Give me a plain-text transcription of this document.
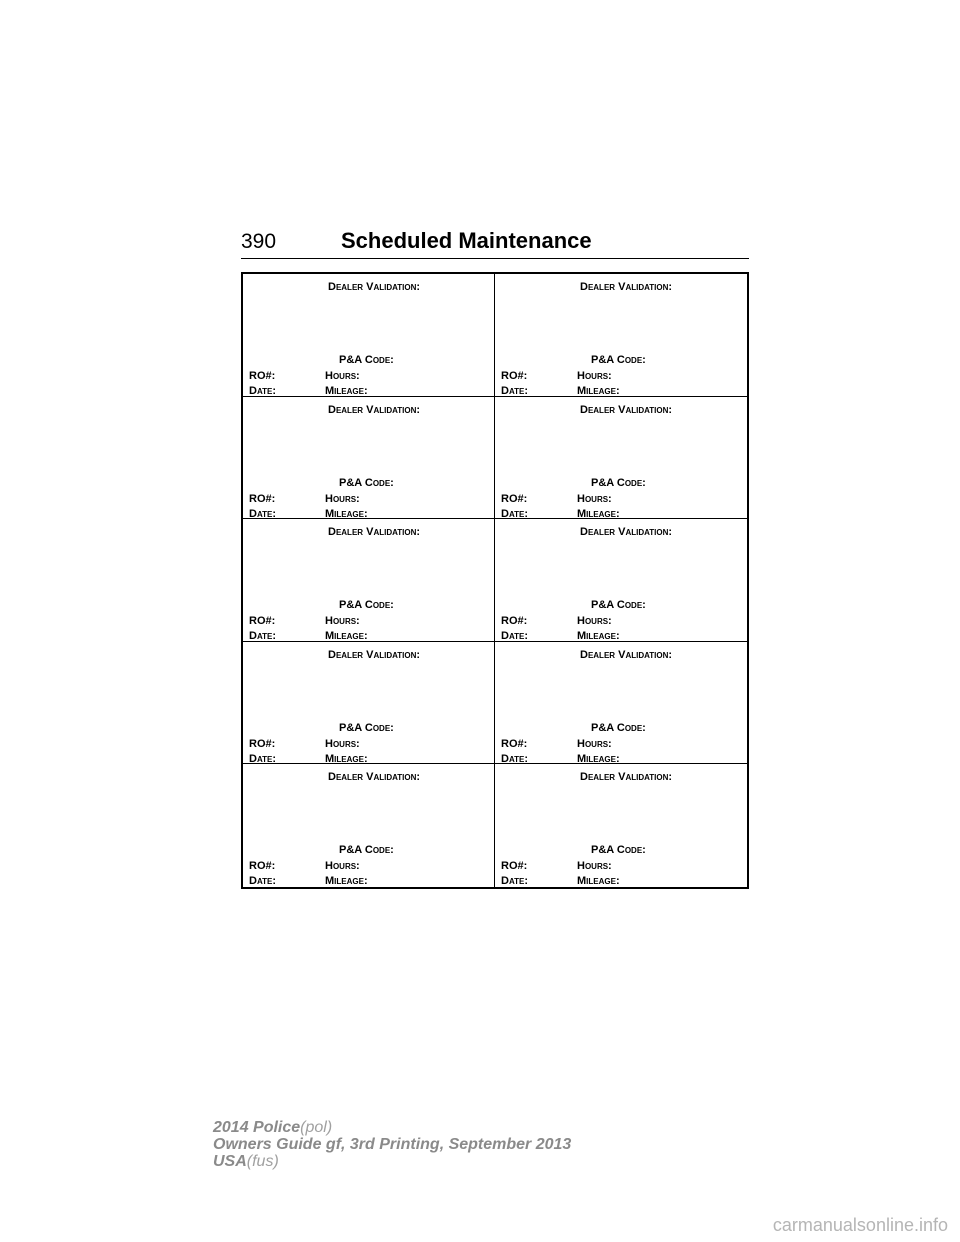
390	Scheduled Maintenance
Dealer Validation:
P&A Code:
RO#:	Hours:
Date:	Mileage:
Dealer Validation:
P&A Code:
RO#:	Hours:
Date:	Mileage:
Dealer Validation:
P&A Code:
RO#:	Hours:
Date:	Mileage:
Dealer Validation:
P&A Code:
RO#:	Hours:
Date:	Mileage:
Dealer Validation:
P&A Code:
RO#:	Hours:
Date:	Mileage:
Dealer Validation:
P&A Code:
RO#:	Hours:
Date:	Mileage:
Dealer Validation:
P&A Code:
RO#:	Hours:
Date:	Mileage:
Dealer Validation:
P&A Code:
RO#:	Hours:
Date:	Mileage:
Dealer Validation:
P&A Code:
RO#:	Hours:
Date:	Mileage:
Dealer Validation:
P&A Code:
RO#:	Hours:
Date:	Mileage:
2014 Police(pol)
Owners Guide gf, 3rd Printing, September 2013
USA(fus)
carmanualsonline.info
